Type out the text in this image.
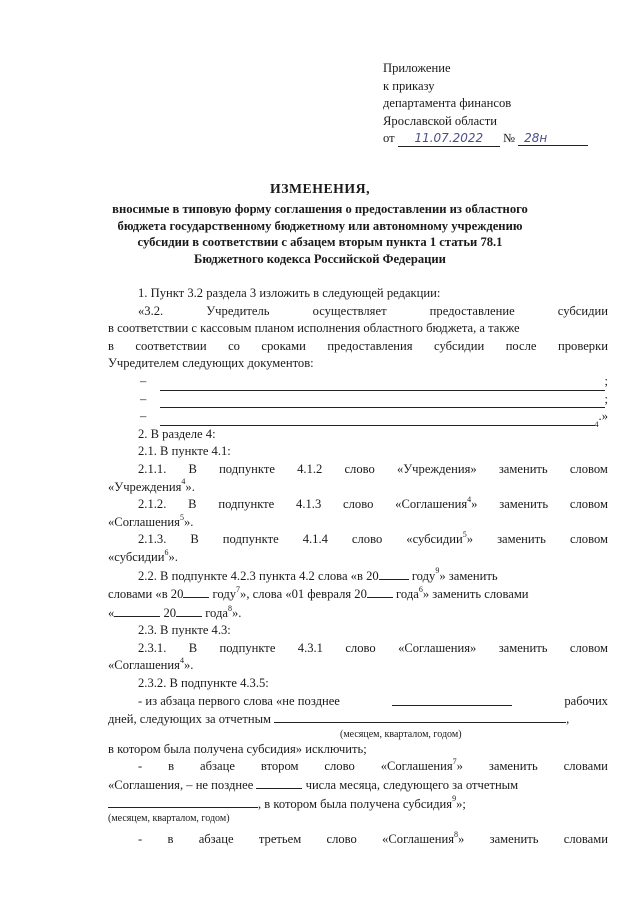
Приложение
к приказу
департамента финансов
Ярославской области
от 11.07.2022 № 28н
ИЗМЕНЕНИЯ,
вносимые в типовую форму соглашения о предоставлении из областного
бюджета государственному бюджетному или автономному учреждению
субсидии в соответствии с абзацем вторым пункта 1 статьи 78.1
Бюджетного кодекса Российской Федерации

1. Пункт 3.2 раздела 3 изложить в следующей редакции:

«3.2.	Учредитель	осуществляет	предоставление	субсидии

в соответствии с кассовым планом исполнения областного бюджета, а также

в соответствии со сроками предоставления субсидии после проверки

Учредителем следующих документов:

–	;
–	;
–
$^4$
.»

2. В разделе 4:

2.1. В пункте 4.1:

2.1.1. В подпункте 4.1.2 слово «Учреждения» заменить словом

«Учреждения$^4$».

2.1.2. В подпункте 4.1.3 слово «Соглашения$^4$» заменить словом

«Соглашения$^5$».

2.1.3. В подпункте 4.1.4 слово «субсидии$^5$» заменить словом

«субсидии$^6$».

2.2. В подпункте 4.2.3 пункта 4.2 слова «в 20	году$^9$» заменить

словами «в 20 году$^7$», слова «01 февраля 20 года$^6$» заменить словами

«	20 года$^8$».

2.3. В пункте 4.3:

2.3.1. В подпункте 4.3.1 слово «Соглашения» заменить словом

«Соглашения$^4$».

2.3.2. В подпункте 4.3.5:

- из абзаца первого слова «не позднее	рабочих

дней, следующих за отчетным	,

(месяцем, кварталом, годом)

в котором была получена субсидия» исключить;

- в абзаце втором слово «Соглашения$^7$» заменить словами

«Соглашения, – не позднее	числа месяца, следующего за отчетным

, в котором была получена субсидия$^9$»;

(месяцем, кварталом, годом)
- в абзаце третьем слово «Соглашения$^8$» заменить словами
